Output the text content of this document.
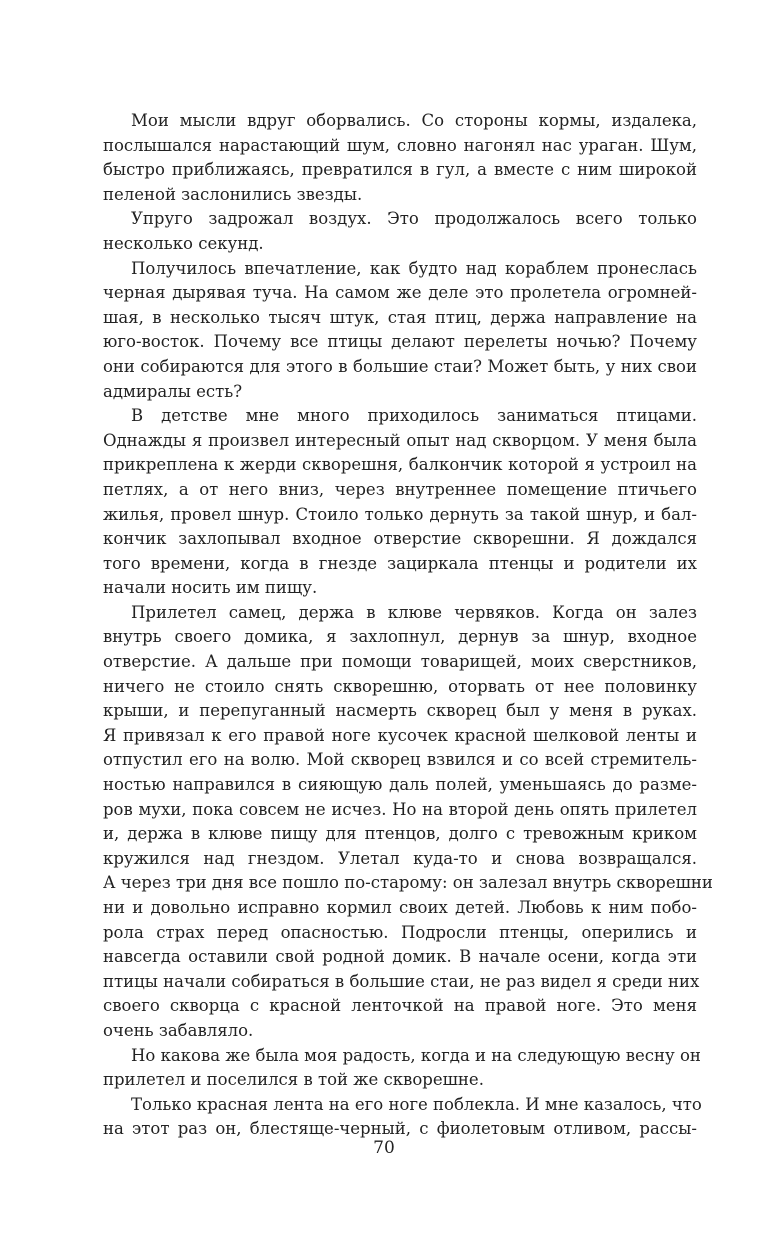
Мои мысли вдруг оборвались. Со стороны кормы, издалека,
послышался нарастающий шум, словно нагонял нас ураган. Шум,
быстро приближаясь, превратился в гул, а вместе с ним широкой
пеленой заслонились звезды.
Упруго задрожал воздух. Это продолжалось всего только
несколько секунд.
Получилось впечатление, как будто над кораблем пронеслась
черная дырявая туча. На самом же деле это пролетела огромней-
шая, в несколько тысяч штук, стая птиц, держа направление на
юго-восток. Почему все птицы делают перелеты ночью? Почему
они собираются для этого в большие стаи? Может быть, у них свои
адмиралы есть?
В детстве мне много приходилось заниматься птицами.
Однажды я произвел интересный опыт над скворцом. У меня была
прикреплена к жерди скворешня, балкончик которой я устроил на
петлях, а от него вниз, через внутреннее помещение птичьего
жилья, провел шнур. Стоило только дернуть за такой шнур, и бал-
кончик захлопывал входное отверстие скворешни. Я дождался
того времени, когда в гнезде зациркала птенцы и родители их
начали носить им пищу.
Прилетел самец, держа в клюве червяков. Когда он залез
внутрь своего домика, я захлопнул, дернув за шнур, входное
отверстие. А дальше при помощи товарищей, моих сверстников,
ничего не стоило снять скворешню, оторвать от нее половинку
крыши, и перепуганный насмерть скворец был у меня в руках.
Я привязал к его правой ноге кусочек красной шелковой ленты и
отпустил его на волю. Мой скворец взвился и со всей стремитель-
ностью направился в сияющую даль полей, уменьшаясь до разме-
ров мухи, пока совсем не исчез. Но на второй день опять прилетел
и, держа в клюве пищу для птенцов, долго с тревожным криком
кружился над гнездом. Улетал куда-то и снова возвращался.
А через три дня все пошло по-старому: он залезал внутрь скворешни
ни и довольно исправно кормил своих детей. Любовь к ним побо-
рола страх перед опасностью. Подросли птенцы, оперились и
навсегда оставили свой родной домик. В начале осени, когда эти
птицы начали собираться в большие стаи, не раз видел я среди них
своего скворца с красной ленточкой на правой ноге. Это меня
очень забавляло.
Но какова же была моя радость, когда и на следующую весну он
прилетел и поселился в той же скворешне.
Только красная лента на его ноге поблекла. И мне казалось, что
на этот раз он, блестяще-черный, с фиолетовым отливом, рассы-
70
